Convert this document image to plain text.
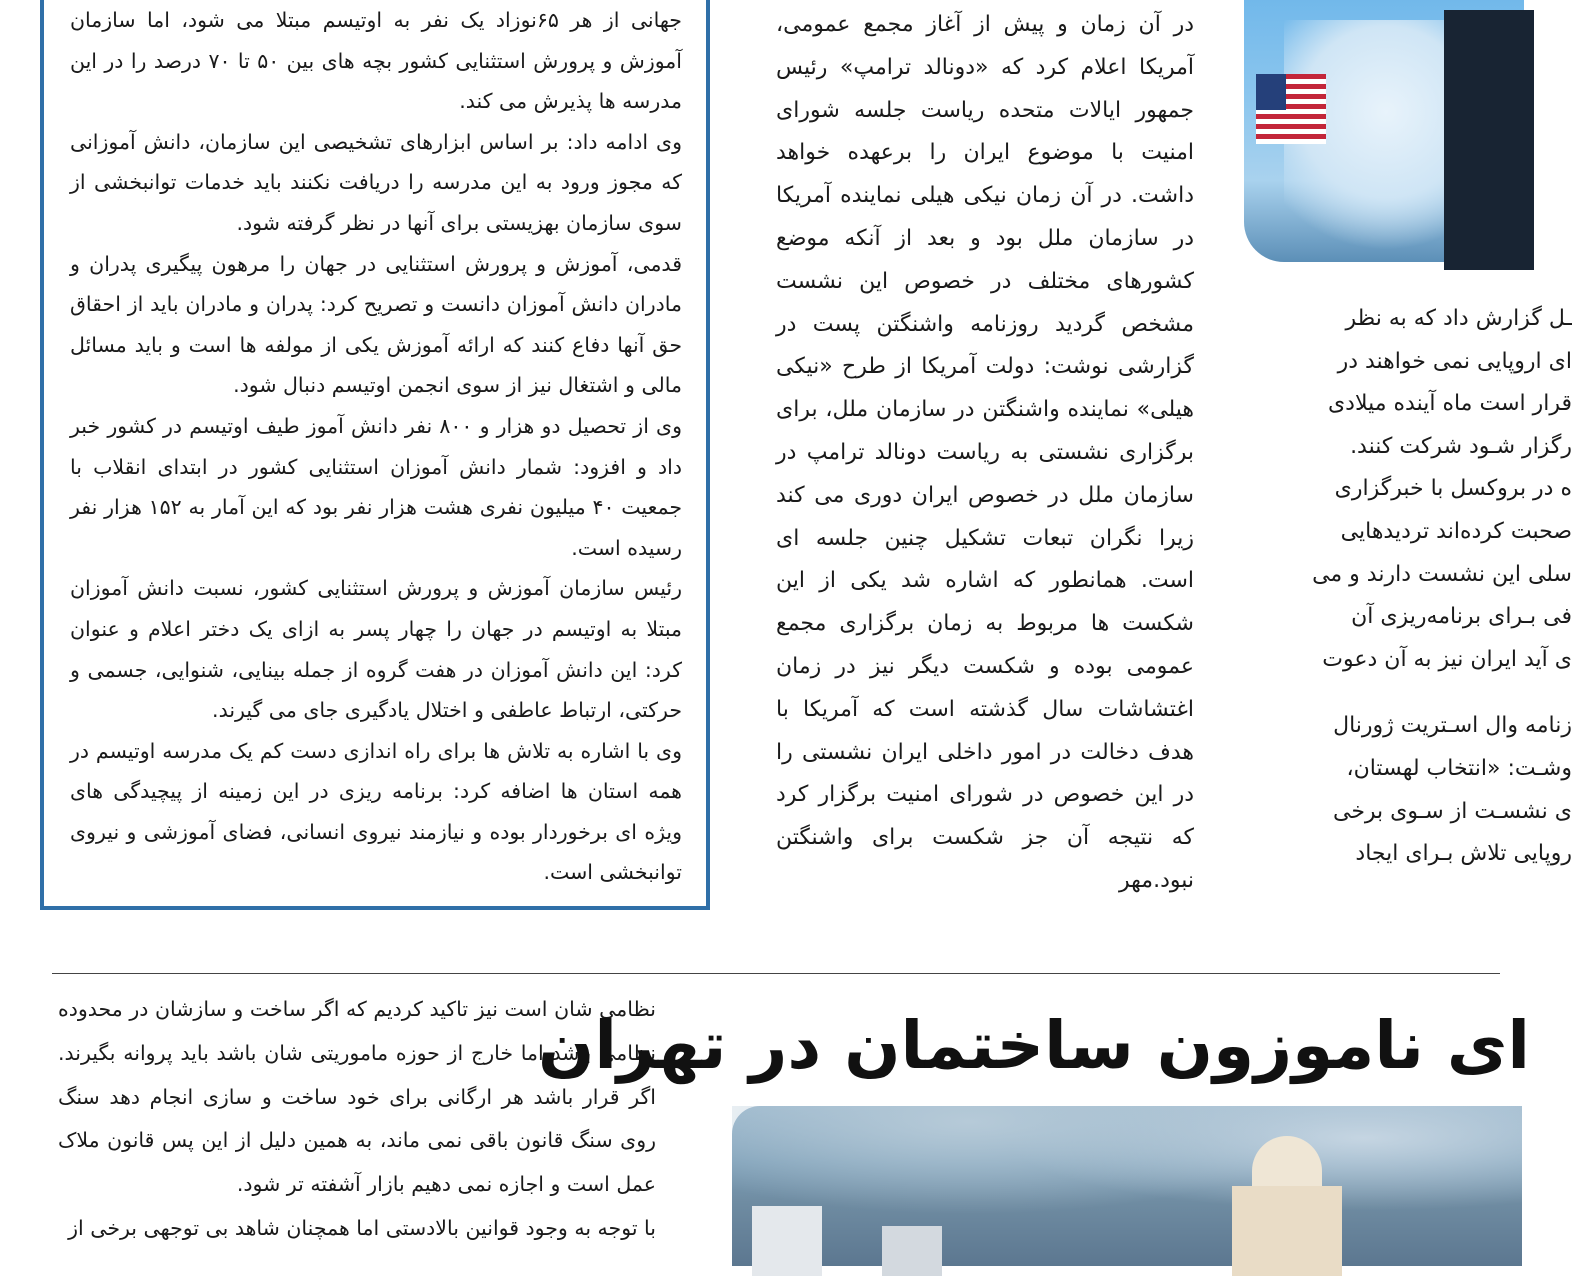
جهانی از هر ۶۵نوزاد یک نفر به اوتیسم مبتلا می شود، اما سازمان آموزش و پرورش استثنایی کشور بچه های بین ۵۰ تا ۷۰ درصد را در این مدرسه ها پذیرش می کند.

وی ادامه داد: بر اساس ابزارهای تشخیصی این سازمان، دانش آموزانی که مجوز ورود به این مدرسه را دریافت نکنند باید خدمات توانبخشی از سوی سازمان بهزیستی برای آنها در نظر گرفته شود.

قدمی، آموزش و پرورش استثنایی در جهان را مرهون پیگیری پدران و مادران دانش آموزان دانست و تصریح کرد: پدران و مادران باید از احقاق حق آنها دفاع کنند که ارائه آموزش یکی از مولفه ها است و باید مسائل مالی و اشتغال نیز از سوی انجمن اوتیسم دنبال شود.

وی از تحصیل دو هزار و ۸۰۰ نفر دانش آموز طیف اوتیسم در کشور خبر داد و افزود: شمار دانش آموزان استثنایی کشور در ابتدای انقلاب با جمعیت ۴۰ میلیون نفری هشت هزار نفر بود که این آمار به ۱۵۲ هزار نفر رسیده است.

رئیس سازمان آموزش و پرورش استثنایی کشور، نسبت دانش آموزان مبتلا به اوتیسم در جهان را چهار پسر به ازای یک دختر اعلام و عنوان کرد: این دانش آموزان در هفت گروه از جمله بینایی، شنوایی، جسمی و حرکتی، ارتباط عاطفی و اختلال یادگیری جای می گیرند.

وی با اشاره به تلاش ها برای راه اندازی دست کم یک مدرسه اوتیسم در همه استان ها اضافه کرد: برنامه ریزی در این زمینه از پیچیدگی های ویژه ای برخوردار بوده و نیازمند نیروی انسانی، فضای آموزشی و نیروی توانبخشی است.

در آن زمان و پیش از آغاز مجمع عمومی، آمریکا اعلام کرد که «دونالد ترامپ» رئیس جمهور ایالات متحده ریاست جلسه شورای امنیت با موضوع ایران را برعهده خواهد داشت. در آن زمان نیکی هیلی نماینده آمریکا در سازمان ملل بود و بعد از آنکه موضع کشورهای مختلف در خصوص این نشست مشخص گردید روزنامه واشنگتن پست در گزارشی نوشت: دولت آمریکا از طرح «نیکی هیلی» نماینده واشنگتن در سازمان ملل، برای برگزاری نشستی به ریاست دونالد ترامپ در سازمان ملل در خصوص ایران دوری می کند زیرا نگران تبعات تشکیل چنین جلسه ای است. همانطور که اشاره شد یکی از این شکست ها مربوط به زمان برگزاری مجمع عمومی بوده و شکست دیگر نیز در زمان اغتشاشات سال گذشته است که آمریکا با هدف دخالت در امور داخلی ایران نشستی را در این خصوص در شورای امنیت برگزار کرد که نتیجه آن جز شکست برای واشنگتن نبود.مهر

ـل گزارش داد که به نظر
ای اروپایی نمی خواهند در
قرار است ماه آینده میلادی
رگزار شـود شرکت کنند.
ه در بروکسل با خبرگزاری
صحبت کرده‌اند تردیدهایی
سلی این نشست دارند و می
فی بـرای برنامه‌ریزی آن
ی آید ایران نیز به آن دعوت
زنامه وال اسـتریت ژورنال
وشـت: «انتخاب لهستان،
ی نشسـت از سـوی برخی
روپایی تلاش بـرای ایجاد

نظامی شان است نیز تاکید کردیم که اگر ساخت و سازشان در محدوده نظامی باشد اما خارج از حوزه ماموریتی شان باشد باید پروانه بگیرند. اگر قرار باشد هر ارگانی برای خود ساخت و سازی انجام دهد سنگ روی سنگ قانون باقی نمی ماند، به همین دلیل از این پس قانون ملاک عمل است و اجازه نمی دهیم بازار آشفته تر شود.

با توجه به وجود قوانین بالادستی اما همچنان شاهد بی توجهی برخی از

ای ناموزون ساختمان در تهران
